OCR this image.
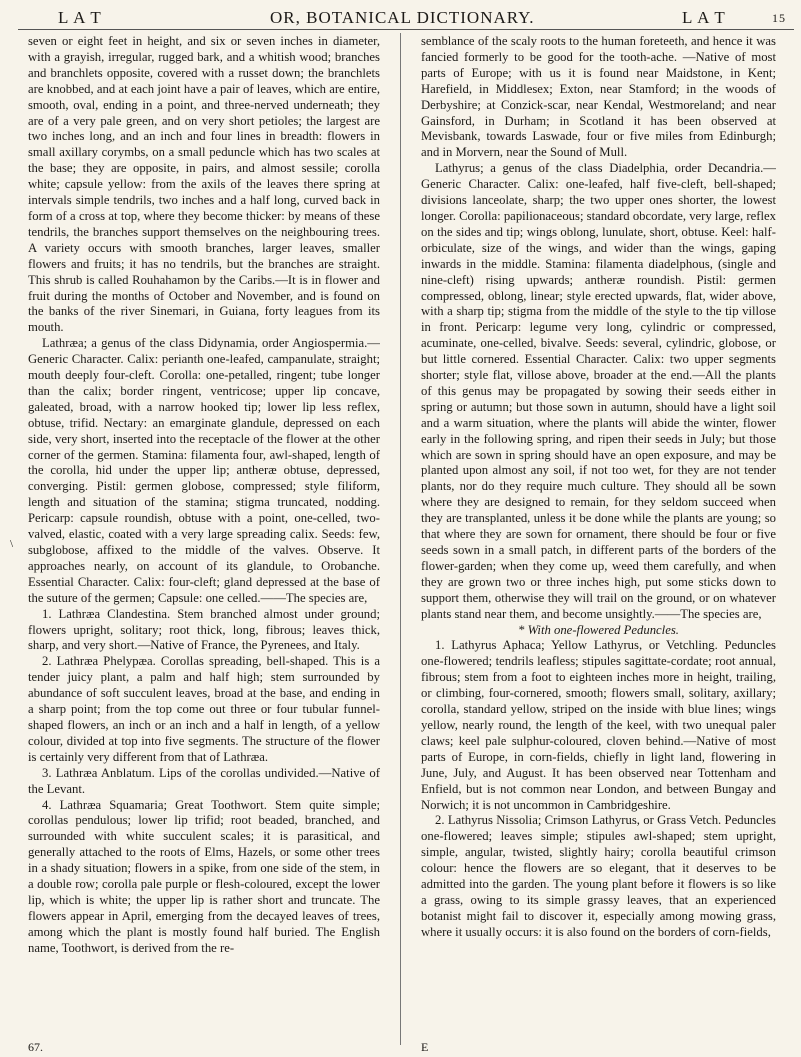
L A T	OR, BOTANICAL DICTIONARY.	L A T	15

seven or eight feet in height, and six or seven inches in diameter, with a grayish, irregular, rugged bark, and a whitish wood; branches and branchlets opposite, covered with a russet down; the branchlets are knobbed, and at each joint have a pair of leaves, which are entire, smooth, oval, ending in a point, and three-nerved underneath; they are of a very pale green, and on very short petioles; the largest are two inches long, and an inch and four lines in breadth: flowers in small axillary corymbs, on a small peduncle which has two scales at the base; they are opposite, in pairs, and almost sessile; corolla white; capsule yellow: from the axils of the leaves there spring at intervals simple tendrils, two inches and a half long, curved back in form of a cross at top, where they become thicker: by means of these tendrils, the branches support themselves on the neighbouring trees. A variety occurs with smooth branches, larger leaves, smaller flowers and fruits; it has no tendrils, but the branches are straight. This shrub is called Rouhahamon by the Caribs.—It is in flower and fruit during the months of October and November, and is found on the banks of the river Sinemari, in Guiana, forty leagues from its mouth.

Lathræa; a genus of the class Didynamia, order Angiospermia.—Generic Character. Calix: perianth one-leafed, campanulate, straight; mouth deeply four-cleft. Corolla: one-petalled, ringent; tube longer than the calix; border ringent, ventricose; upper lip concave, galeated, broad, with a narrow hooked tip; lower lip less reflex, obtuse, trifid. Nectary: an emarginate glandule, depressed on each side, very short, inserted into the receptacle of the flower at the other corner of the germen. Stamina: filamenta four, awl-shaped, length of the corolla, hid under the upper lip; antheræ obtuse, depressed, converging. Pistil: germen globose, compressed; style filiform, length and situation of the stamina; stigma truncated, nodding. Pericarp: capsule roundish, obtuse with a point, one-celled, two-valved, elastic, coated with a very large spreading calix. Seeds: few, subglobose, affixed to the middle of the valves. Observe. It approaches nearly, on account of its glandule, to Orobanche. Essential Character. Calix: four-cleft; gland depressed at the base of the suture of the germen; Capsule: one celled.——The species are,

1. Lathræa Clandestina. Stem branched almost under ground; flowers upright, solitary; root thick, long, fibrous; leaves thick, sharp, and very short.—Native of France, the Pyrenees, and Italy.

2. Lathræa Phelypæa. Corollas spreading, bell-shaped. This is a tender juicy plant, a palm and half high; stem surrounded by abundance of soft succulent leaves, broad at the base, and ending in a sharp point; from the top come out three or four tubular funnel-shaped flowers, an inch or an inch and a half in length, of a yellow colour, divided at top into five segments. The structure of the flower is certainly very different from that of Lathræa.

3. Lathræa Anblatum. Lips of the corollas undivided.—Native of the Levant.

4. Lathræa Squamaria; Great Toothwort. Stem quite simple; corollas pendulous; lower lip trifid; root beaded, branched, and surrounded with white succulent scales; it is parasitical, and generally attached to the roots of Elms, Hazels, or some other trees in a shady situation; flowers in a spike, from one side of the stem, in a double row; corolla pale purple or flesh-coloured, except the lower lip, which is white; the upper lip is rather short and truncate. The flowers appear in April, emerging from the decayed leaves of trees, among which the plant is mostly found half buried. The English name, Toothwort, is derived from the re-

semblance of the scaly roots to the human foreteeth, and hence it was fancied formerly to be good for the tooth-ache. —Native of most parts of Europe; with us it is found near Maidstone, in Kent; Harefield, in Middlesex; Exton, near Stamford; in the woods of Derbyshire; at Conzick-scar, near Kendal, Westmoreland; and near Gainsford, in Durham; in Scotland it has been observed at Mevisbank, towards Laswade, four or five miles from Edinburgh; and in Morvern, near the Sound of Mull.

Lathyrus; a genus of the class Diadelphia, order Decandria.—Generic Character. Calix: one-leafed, half five-cleft, bell-shaped; divisions lanceolate, sharp; the two upper ones shorter, the lowest longer. Corolla: papilionaceous; standard obcordate, very large, reflex on the sides and tip; wings oblong, lunulate, short, obtuse. Keel: half-orbiculate, size of the wings, and wider than the wings, gaping inwards in the middle. Stamina: filamenta diadelphous, (single and nine-cleft) rising upwards; antheræ roundish. Pistil: germen compressed, oblong, linear; style erected upwards, flat, wider above, with a sharp tip; stigma from the middle of the style to the tip villose in front. Pericarp: legume very long, cylindric or compressed, acuminate, one-celled, bivalve. Seeds: several, cylindric, globose, or but little cornered. Essential Character. Calix: two upper segments shorter; style flat, villose above, broader at the end.—All the plants of this genus may be propagated by sowing their seeds either in spring or autumn; but those sown in autumn, should have a light soil and a warm situation, where the plants will abide the winter, flower early in the following spring, and ripen their seeds in July; but those which are sown in spring should have an open exposure, and may be planted upon almost any soil, if not too wet, for they are not tender plants, nor do they require much culture. They should all be sown where they are designed to remain, for they seldom succeed when they are transplanted, unless it be done while the plants are young; so that where they are sown for ornament, there should be four or five seeds sown in a small patch, in different parts of the borders of the flower-garden; when they come up, weed them carefully, and when they are grown two or three inches high, put some sticks down to support them, otherwise they will trail on the ground, or on whatever plants stand near them, and become unsightly.——The species are,

* With one-flowered Peduncles.

1. Lathyrus Aphaca; Yellow Lathyrus, or Vetchling. Peduncles one-flowered; tendrils leafless; stipules sagittate-cordate; root annual, fibrous; stem from a foot to eighteen inches more in height, trailing, or climbing, four-cornered, smooth; flowers small, solitary, axillary; corolla, standard yellow, striped on the inside with blue lines; wings yellow, nearly round, the length of the keel, with two unequal paler claws; keel pale sulphur-coloured, cloven behind.—Native of most parts of Europe, in corn-fields, chiefly in light land, flowering in June, July, and August. It has been observed near Tottenham and Enfield, but is not common near London, and between Bungay and Norwich; it is not uncommon in Cambridgeshire.

2. Lathyrus Nissolia; Crimson Lathyrus, or Grass Vetch. Peduncles one-flowered; leaves simple; stipules awl-shaped; stem upright, simple, angular, twisted, slightly hairy; corolla beautiful crimson colour: hence the flowers are so elegant, that it deserves to be admitted into the garden. The young plant before it flowers is so like a grass, owing to its simple grassy leaves, that an experienced botanist might fail to discover it, especially among mowing grass, where it usually occurs: it is also found on the borders of corn-fields,

\
67.	E
